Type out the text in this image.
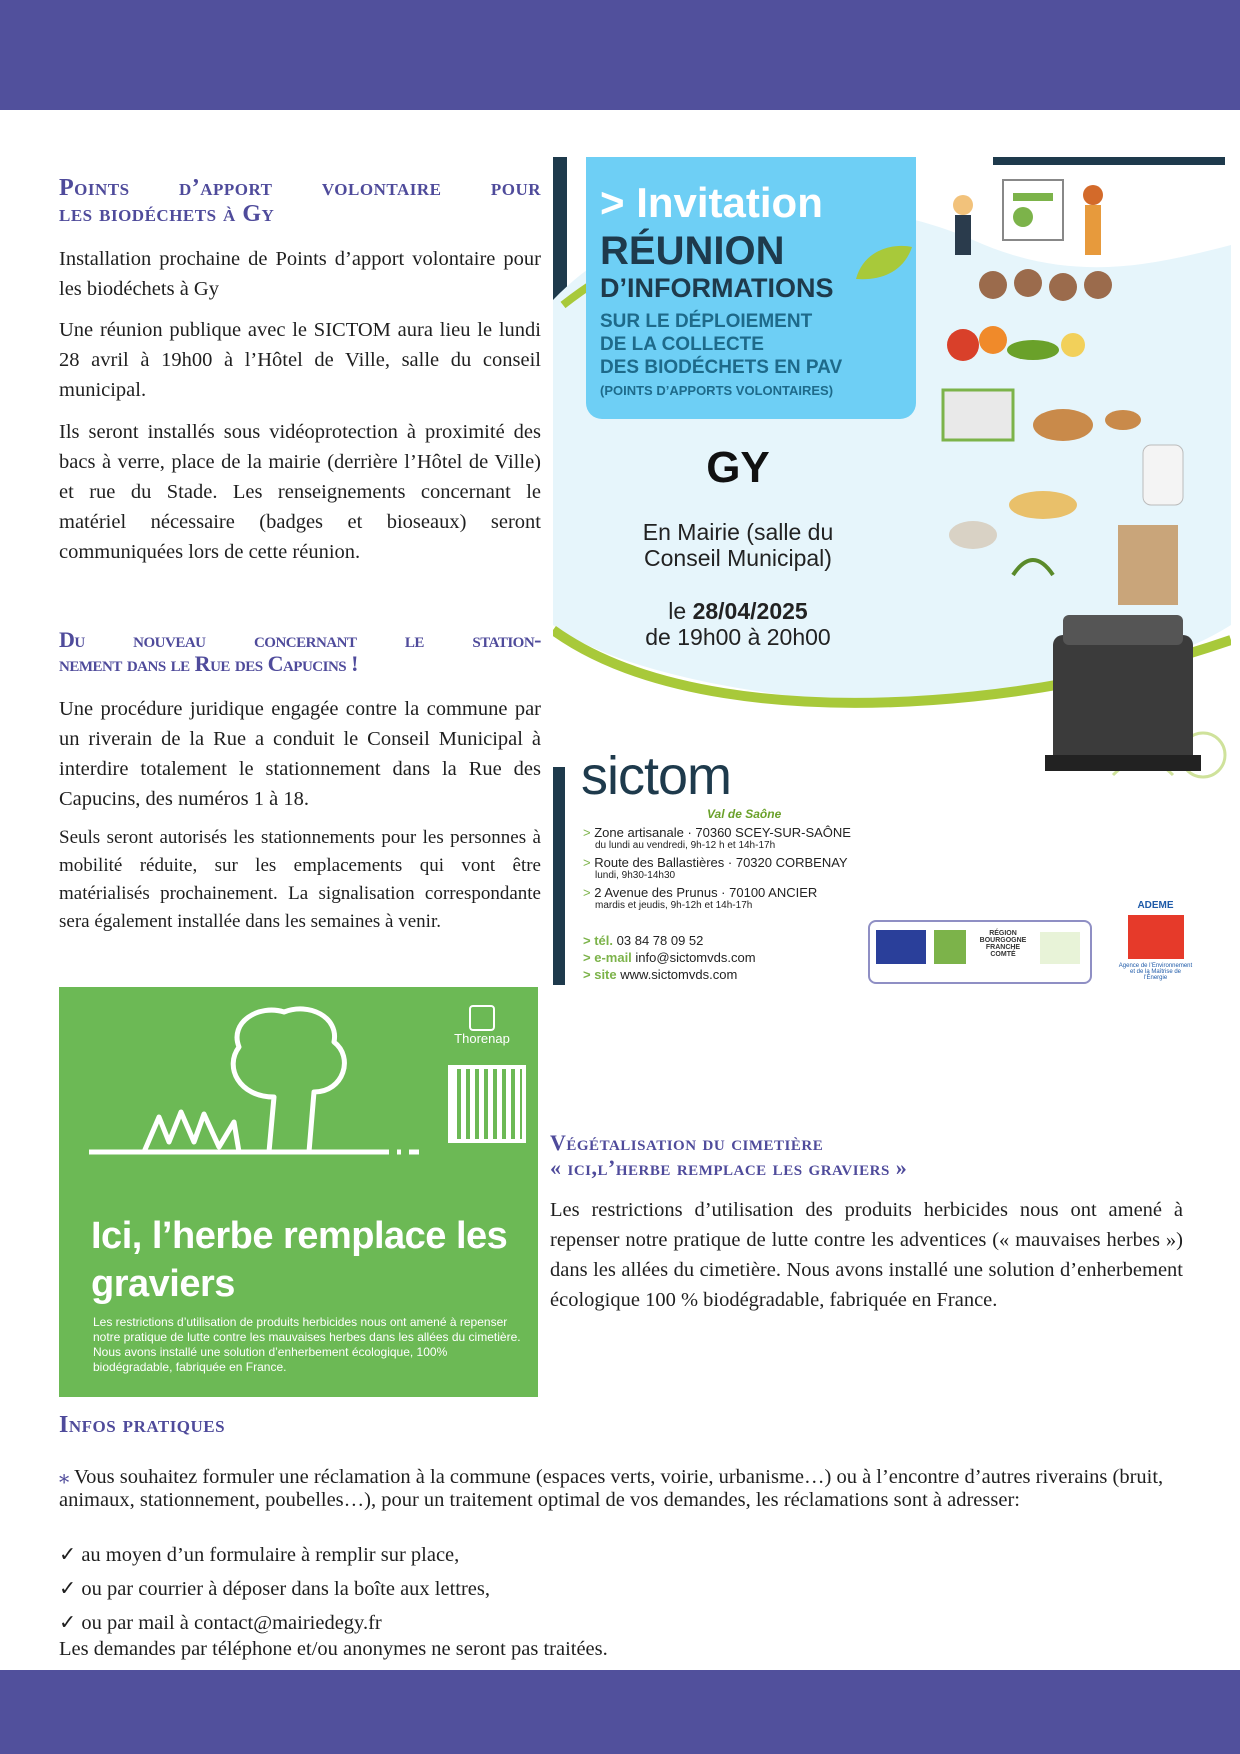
Points d’apport volontaire pour
les biodéchets à Gy

Installation prochaine de Points d’apport volontaire pour les biodéchets à Gy

Une réunion publique avec le SICTOM aura lieu le lundi 28 avril à 19h00 à l’Hôtel de Ville, salle du conseil municipal.

Ils seront installés sous vidéoprotection à proximité des bacs à verre, place de la mairie (derrière l’Hôtel de Ville) et rue du Stade. Les renseignements concernant le matériel nécessaire (badges et bioseaux) seront communiquées lors de cette réunion.

Du nouveau concernant le station-
nement dans le Rue des Capucins !

Une procédure juridique engagée contre la commune par un riverain de la Rue a conduit le Conseil Municipal à interdire totalement le stationnement dans la Rue des Capucins, des numéros 1 à 18.

Seuls seront autorisés les stationnements pour les personnes à mobilité réduite, sur les emplacements qui vont être matérialisés prochainement. La signalisation correspondante sera également installée dans les semaines à venir.

> Invitation
RÉUNION
D’INFORMATIONS
SUR LE DÉPLOIEMENT
DE LA COLLECTE
DES BIODÉCHETS EN PAV
(POINTS D’APPORTS VOLONTAIRES)
GY
En Mairie (salle du
Conseil Municipal)
le 28/04/2025
de 19h00 à 20h00
sictom
Val de Saône
> Zone artisanale · 70360 SCEY-SUR-SAÔNE
du lundi au vendredi, 9h-12 h et 14h-17h
> Route des Ballastières · 70320 CORBENAY
lundi, 9h30-14h30
> 2 Avenue des Prunus · 70100 ANCIER
mardis et jeudis, 9h-12h et 14h-17h
> tél. 03 84 78 09 52
> e-mail info@sictomvds.com
> site www.sictomvds.com
RÉGION BOURGOGNE FRANCHE COMTÉ
ADEME
Agence de l’Environnement et de la Maîtrise de l’Énergie
Thorenap
Ici, l’herbe remplace les
graviers
Les restrictions d’utilisation de produits herbicides nous ont amené à repenser notre pratique de lutte contre les mauvaises herbes dans les allées du cimetière. Nous avons installé une solution d’enherbement écologique, 100% biodégradable, fabriquée en France.
Végétalisation du cimetière
« ici,l’herbe remplace les graviers »

Les restrictions d’utilisation des produits herbicides nous ont amené à repenser notre pratique de lutte contre les adventices (« mauvaises herbes ») dans les allées du cimetière. Nous avons installé une solution d’enherbement écologique 100 % biodégradable, fabriquée en France.

Infos pratiques

⁎ Vous souhaitez formuler une réclamation à la commune (espaces verts, voirie, urbanisme…) ou à l’encontre d’autres riverains (bruit, animaux, stationnement, poubelles…), pour un traitement optimal de vos demandes, les réclamations sont à adresser:

✓ au moyen d’un formulaire à remplir sur place,
✓ ou par courrier à déposer dans la boîte aux lettres,
✓ ou par mail à contact@mairiedegy.fr
Les demandes par téléphone et/ou anonymes ne seront pas traitées.
